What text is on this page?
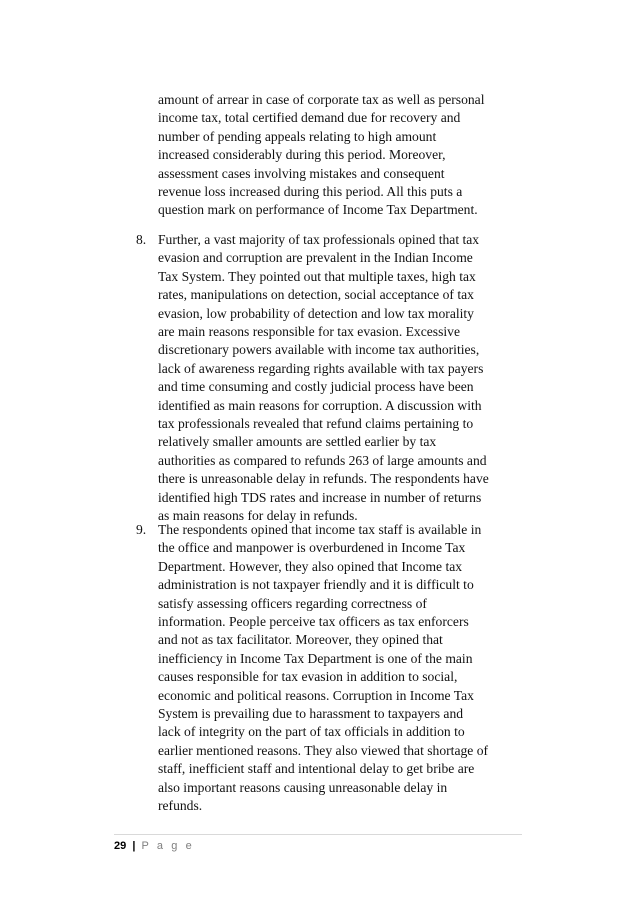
amount of arrear in case of corporate tax as well as personal
income tax, total certified demand due for recovery and
number of pending appeals relating to high amount
increased considerably during this period. Moreover,
assessment cases involving mistakes and consequent
revenue loss increased during this period. All this puts a
question mark on performance of Income Tax Department.
8. Further, a vast majority of tax professionals opined that tax
evasion and corruption are prevalent in the Indian Income
Tax System. They pointed out that multiple taxes, high tax
rates, manipulations on detection, social acceptance of tax
evasion, low probability of detection and low tax morality
are main reasons responsible for tax evasion. Excessive
discretionary powers available with income tax authorities,
lack of awareness regarding rights available with tax payers
and time consuming and costly judicial process have been
identified as main reasons for corruption. A discussion with
tax professionals revealed that refund claims pertaining to
relatively smaller amounts are settled earlier by tax
authorities as compared to refunds 263 of large amounts and
there is unreasonable delay in refunds. The respondents have
identified high TDS rates and increase in number of returns
as main reasons for delay in refunds.
9. The respondents opined that income tax staff is available in
the office and manpower is overburdened in Income Tax
Department. However, they also opined that Income tax
administration is not taxpayer friendly and it is difficult to
satisfy assessing officers regarding correctness of
information. People perceive tax officers as tax enforcers
and not as tax facilitator. Moreover, they opined that
inefficiency in Income Tax Department is one of the main
causes responsible for tax evasion in addition to social,
economic and political reasons. Corruption in Income Tax
System is prevailing due to harassment to taxpayers and
lack of integrity on the part of tax officials in addition to
earlier mentioned reasons. They also viewed that shortage of
staff, inefficient staff and intentional delay to get bribe are
also important reasons causing unreasonable delay in
refunds.
29 | P a g e
